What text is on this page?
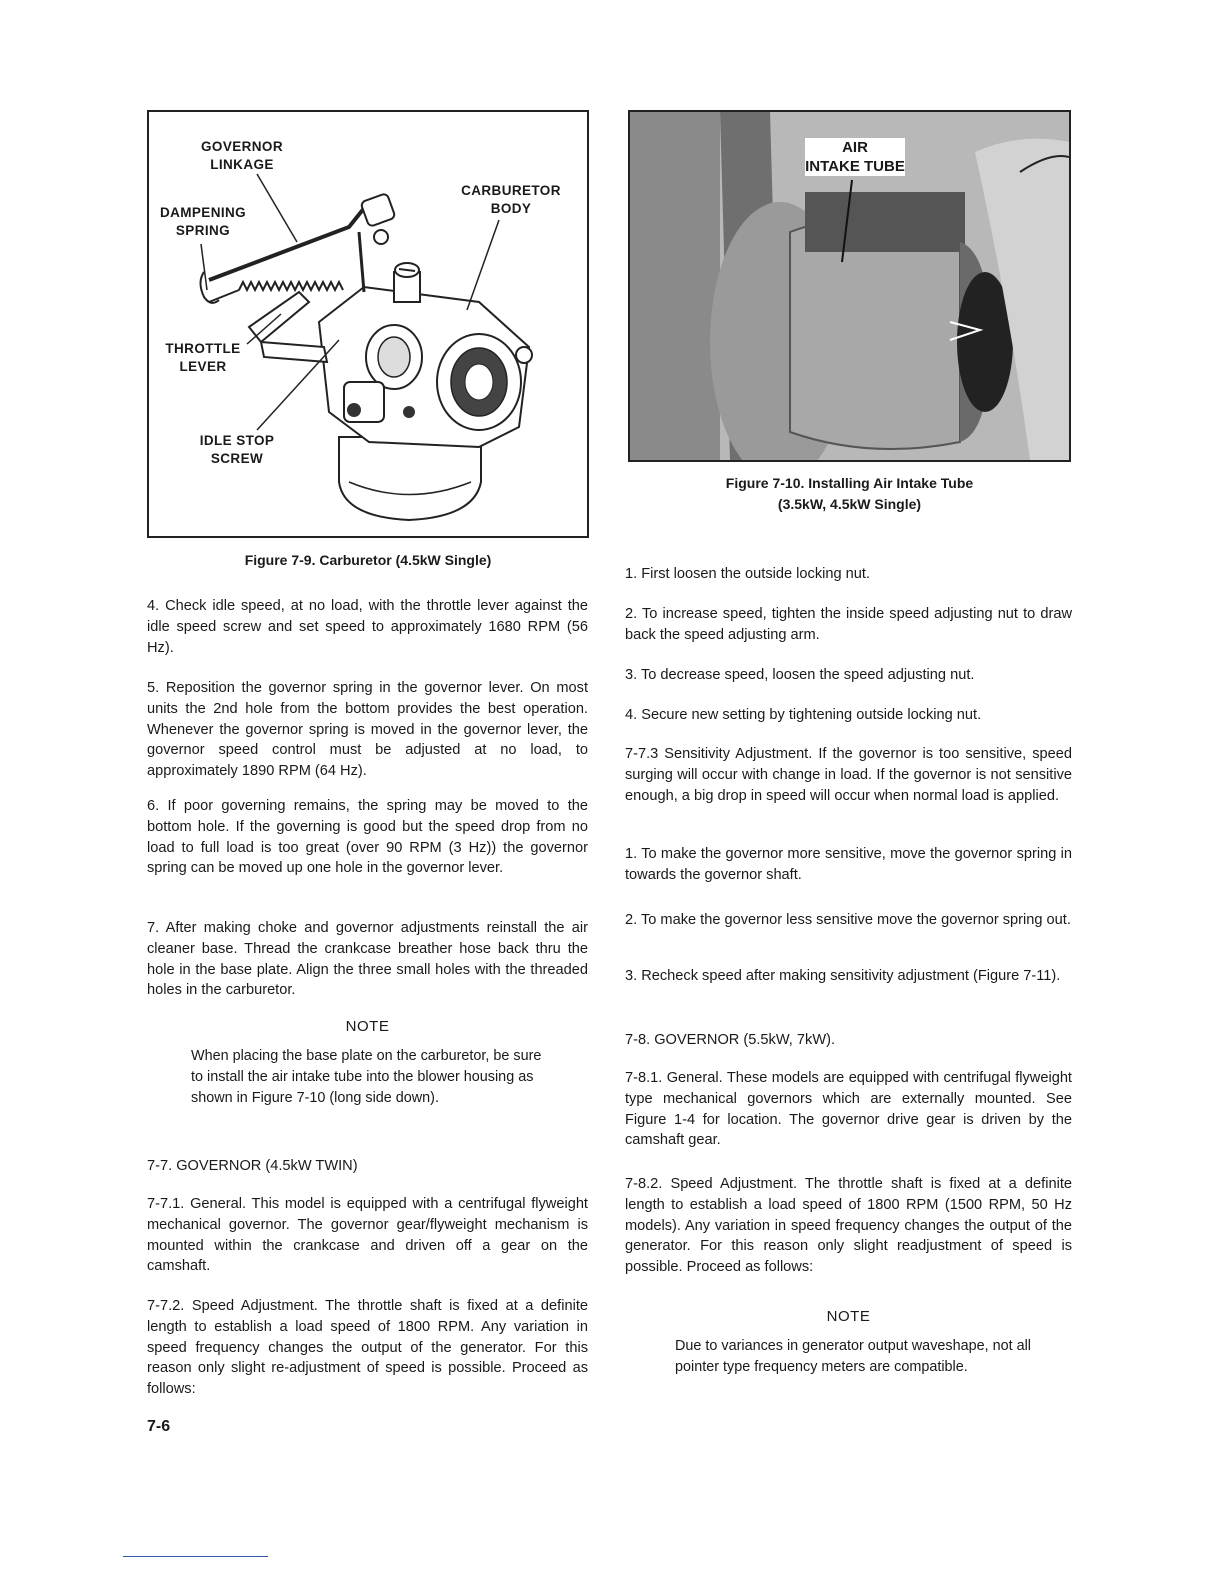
GOVERNOR
LINKAGE
CARBURETOR
BODY
DAMPENING
SPRING
THROTTLE
LEVER
IDLE STOP
SCREW
Figure 7-9. Carburetor (4.5kW Single)
AIR
INTAKE TUBE
Figure 7-10. Installing Air Intake Tube
(3.5kW, 4.5kW Single)

4. Check idle speed, at no load, with the throttle lever against the idle speed screw and set speed to approximately 1680 RPM (56 Hz).

5. Reposition the governor spring in the governor lever. On most units the 2nd hole from the bottom provides the best operation. Whenever the governor spring is moved in the governor lever, the governor speed control must be adjusted at no load, to approximately 1890 RPM (64 Hz).

6. If poor governing remains, the spring may be moved to the bottom hole. If the governing is good but the speed drop from no load to full load is too great (over 90 RPM (3 Hz)) the governor spring can be moved up one hole in the governor lever.

7. After making choke and governor adjustments reinstall the air cleaner base. Thread the crankcase breather hose back thru the hole in the base plate. Align the three small holes with the threaded holes in the carburetor.

NOTE

When placing the base plate on the carburetor, be sure to install the air intake tube into the blower housing as shown in Figure 7-10 (long side down).

7-7. GOVERNOR (4.5kW TWIN)

7-7.1. General. This model is equipped with a centrifugal flyweight mechanical governor. The governor gear/flyweight mechanism is mounted within the crankcase and driven off a gear on the camshaft.

7-7.2. Speed Adjustment. The throttle shaft is fixed at a definite length to establish a load speed of 1800 RPM. Any variation in speed frequency changes the output of the generator. For this reason only slight re-adjustment of speed is possible. Proceed as follows:

1. First loosen the outside locking nut.

2. To increase speed, tighten the inside speed adjusting nut to draw back the speed adjusting arm.

3. To decrease speed, loosen the speed adjusting nut.

4. Secure new setting by tightening outside locking nut.

7-7.3 Sensitivity Adjustment. If the governor is too sensitive, speed surging will occur with change in load. If the governor is not sensitive enough, a big drop in speed will occur when normal load is applied.

1. To make the governor more sensitive, move the governor spring in towards the governor shaft.

2. To make the governor less sensitive move the governor spring out.

3. Recheck speed after making sensitivity adjustment (Figure 7-11).

7-8. GOVERNOR (5.5kW, 7kW).

7-8.1. General. These models are equipped with centrifugal flyweight type mechanical governors which are externally mounted. See Figure 1-4 for location. The governor drive gear is driven by the camshaft gear.

7-8.2. Speed Adjustment. The throttle shaft is fixed at a definite length to establish a load speed of 1800 RPM (1500 RPM, 50 Hz models). Any variation in speed frequency changes the output of the generator. For this reason only slight readjustment of speed is possible. Proceed as follows:

NOTE

Due to variances in generator output waveshape, not all pointer type frequency meters are compatible.

7-6
